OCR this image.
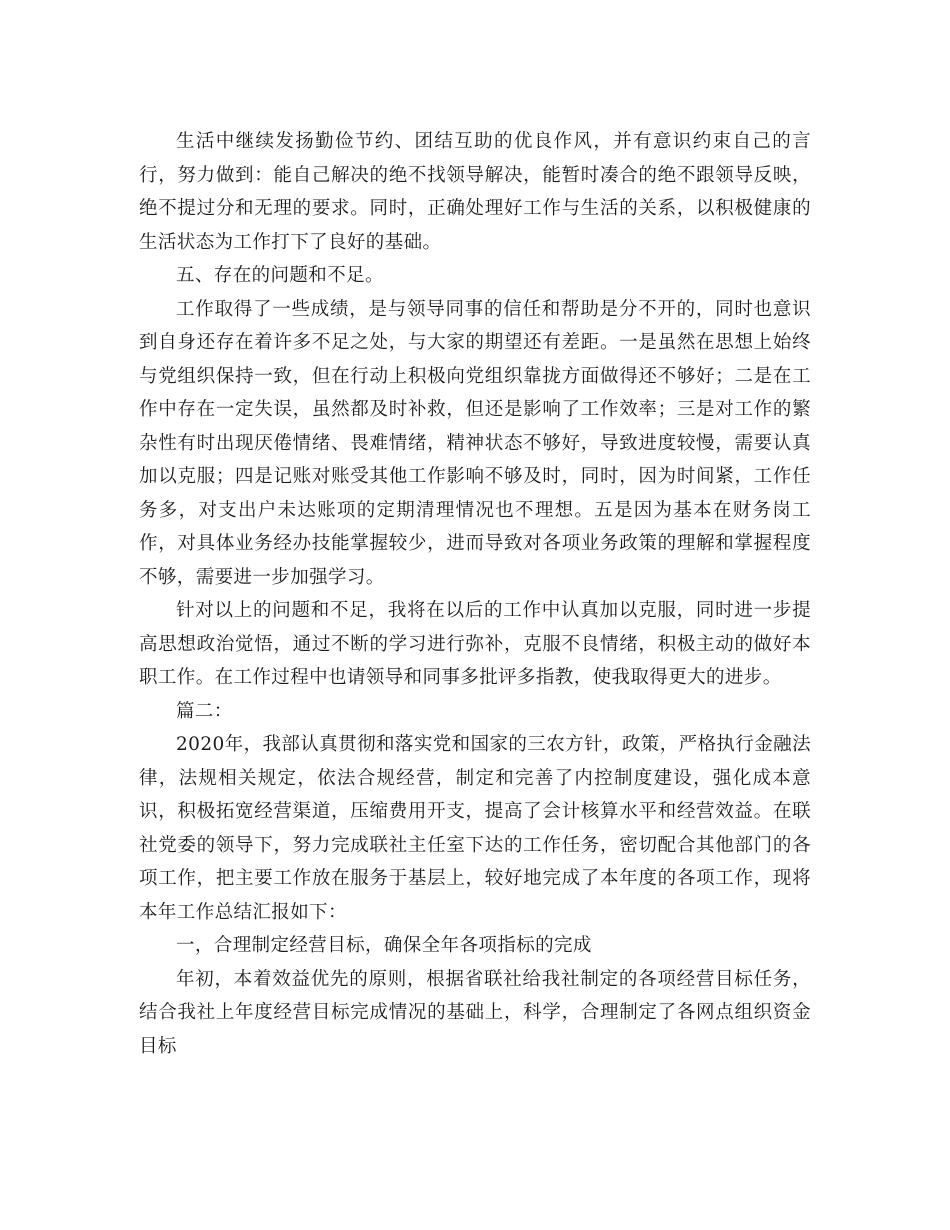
生活中继续发扬勤俭节约、团结互助的优良作风，并有意识约束自己的言行，努力做到：能自己解决的绝不找领导解决，能暂时凑合的绝不跟领导反映，绝不提过分和无理的要求。同时，正确处理好工作与生活的关系，以积极健康的生活状态为工作打下了良好的基础。

五、存在的问题和不足。

工作取得了一些成绩，是与领导同事的信任和帮助是分不开的，同时也意识到自身还存在着许多不足之处，与大家的期望还有差距。一是虽然在思想上始终与党组织保持一致，但在行动上积极向党组织靠拢方面做得还不够好；二是在工作中存在一定失误，虽然都及时补救，但还是影响了工作效率；三是对工作的繁杂性有时出现厌倦情绪、畏难情绪，精神状态不够好，导致进度较慢，需要认真加以克服；四是记账对账受其他工作影响不够及时，同时，因为时间紧，工作任务多，对支出户未达账项的定期清理情况也不理想。五是因为基本在财务岗工作，对具体业务经办技能掌握较少，进而导致对各项业务政策的理解和掌握程度不够，需要进一步加强学习。

针对以上的问题和不足，我将在以后的工作中认真加以克服，同时进一步提高思想政治觉悟，通过不断的学习进行弥补，克服不良情绪，积极主动的做好本职工作。在工作过程中也请领导和同事多批评多指教，使我取得更大的进步。

篇二：

2020年，我部认真贯彻和落实党和国家的三农方针，政策，严格执行金融法律，法规相关规定，依法合规经营，制定和完善了内控制度建设，强化成本意识，积极拓宽经营渠道，压缩费用开支，提高了会计核算水平和经营效益。在联社党委的领导下，努力完成联社主任室下达的工作任务，密切配合其他部门的各项工作，把主要工作放在服务于基层上，较好地完成了本年度的各项工作，现将本年工作总结汇报如下：

一，合理制定经营目标，确保全年各项指标的完成

年初，本着效益优先的原则，根据省联社给我社制定的各项经营目标任务，结合我社上年度经营目标完成情况的基础上，科学，合理制定了各网点组织资金目标
